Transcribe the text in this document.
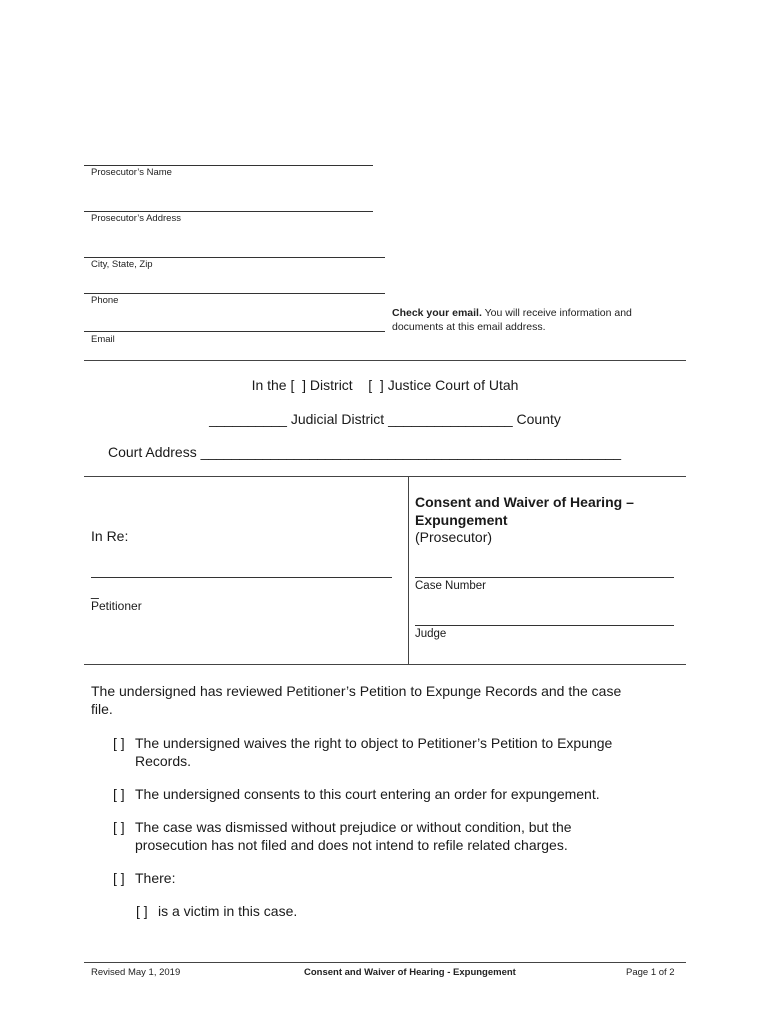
Prosecutor’s Name
Prosecutor’s Address
City, State, Zip
Phone
Email
Check your email. You will receive information and
documents at this email address.
In the [  ] District    [  ] Justice Court of Utah
__________ Judicial District ________________ County
Court Address ______________________________________________________
In Re:
_
Petitioner
Consent and Waiver of Hearing –
Expungement
(Prosecutor)
Case Number
Judge
The undersigned has reviewed Petitioner’s Petition to Expunge Records and the case
file.
[ ] The undersigned waives the right to object to Petitioner’s Petition to Expunge
Records.
[ ] The undersigned consents to this court entering an order for expungement.
[ ] The case was dismissed without prejudice or without condition, but the
prosecution has not filed and does not intend to refile related charges.
[ ] There:
[ ] is a victim in this case.
Revised May 1, 2019	Consent and Waiver of Hearing - Expungement	Page 1 of 2
